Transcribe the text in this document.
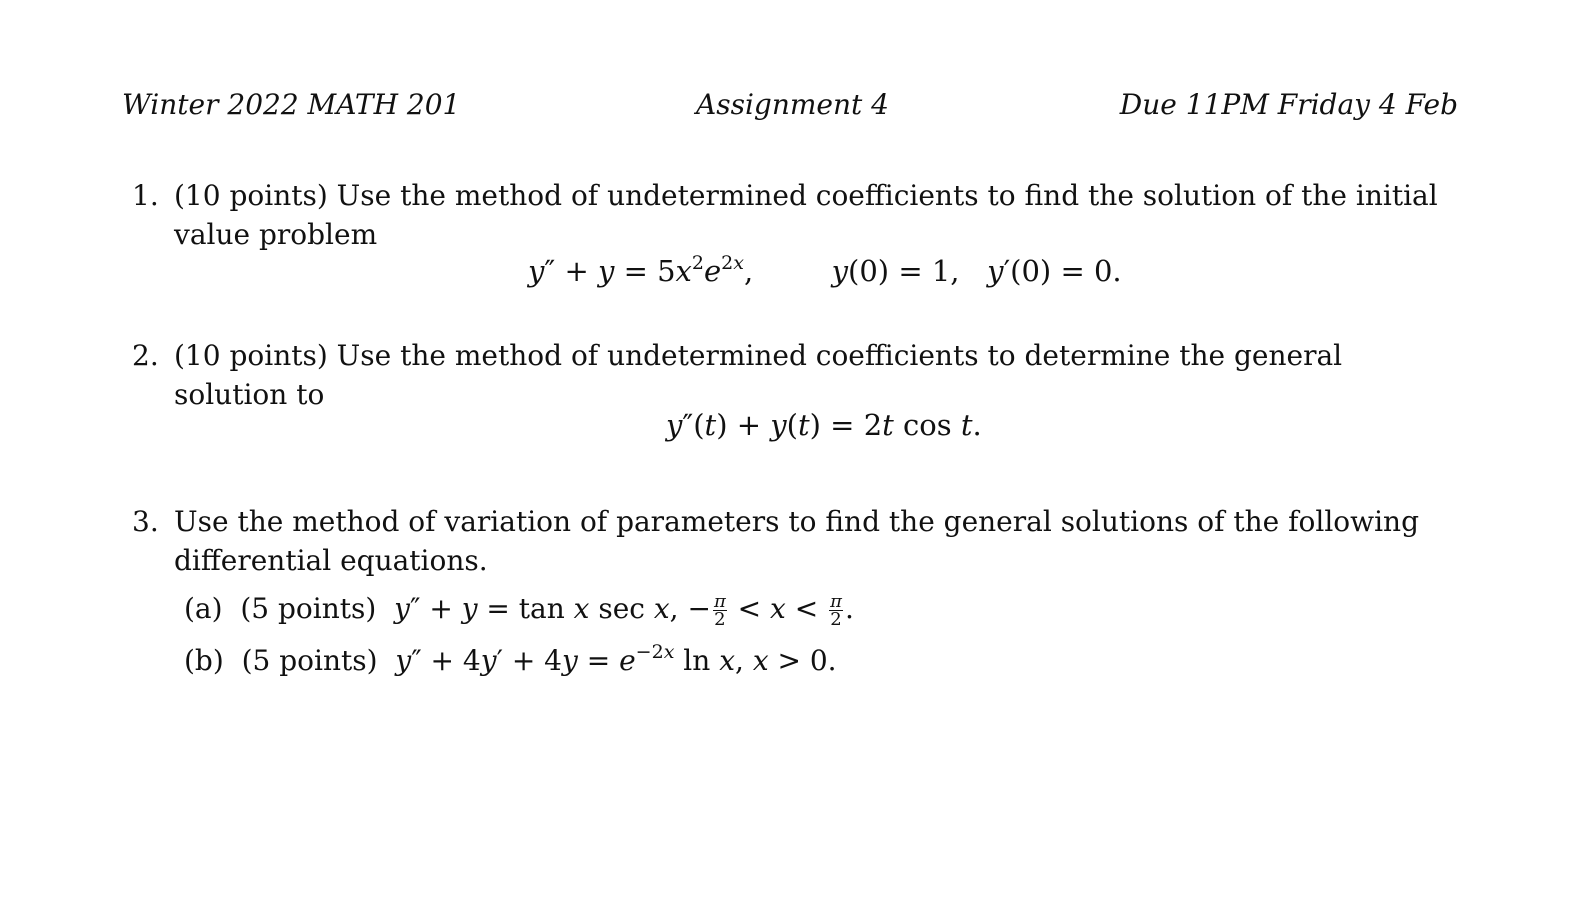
Winter 2022 MATH 201	Assignment 4	Due 11PM Friday 4 Feb
1. (10 points) Use the method of undetermined coefficients to find the solution of the initial value problem
$y'' + y = 5x^2e^{2x}$,  y(0) = 1,   y′(0) = 0.
2. (10 points) Use the method of undetermined coefficients to determine the general solution to
y″(t) + y(t) = 2t cos t.
3. Use the method of variation of parameters to find the general solutions of the following differential equations.
(a) (5 points) y″ + y = tan x sec x, − $\frac{\pi}{2} < x < \frac{\pi}{2}$ .
(b) (5 points) $y'' + 4y' + 4y = e^{-2x}$ ln x, x > 0.
